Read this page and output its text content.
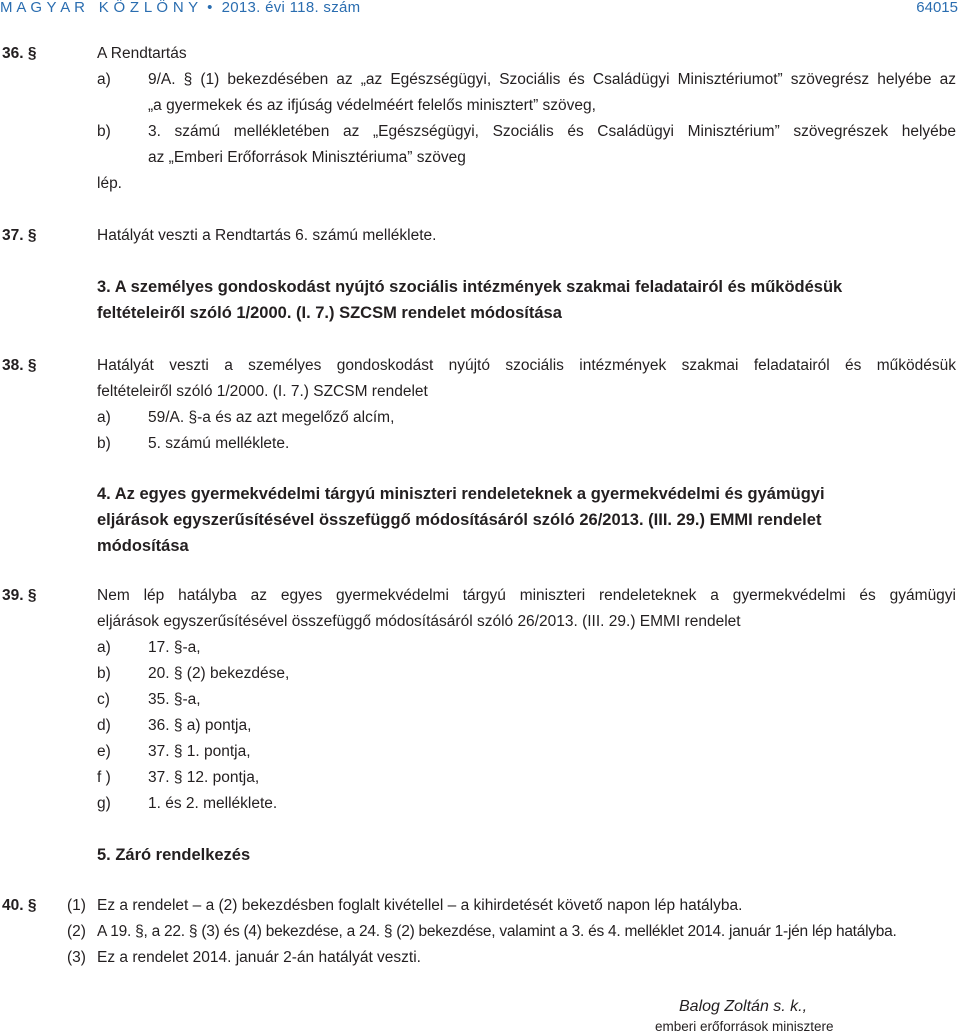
M A G Y A R   K Ö Z L Ö N Y  •  2013. évi 118. szám	64015
36. §	A Rendtartás
a) 9/A. § (1) bekezdésében az „az Egészségügyi, Szociális és Családügyi Minisztériumot” szövegrész helyébe az
„a gyermekek és az ifjúság védelméért felelős minisztert” szöveg,
b) 3. számú mellékletében az „Egészségügyi, Szociális és Családügyi Minisztérium” szövegrészek helyébe
az „Emberi Erőforrások Minisztériuma” szöveg
lép.
37. §	Hatályát veszti a Rendtartás 6. számú melléklete.
3. A személyes gondoskodást nyújtó szociális intézmények szakmai feladatairól és működésük
feltételeiről szóló 1/2000. (I. 7.) SZCSM rendelet módosítása
38. §	Hatályát veszti a személyes gondoskodást nyújtó szociális intézmények szakmai feladatairól és működésük
feltételeiről szóló 1/2000. (I. 7.) SZCSM rendelet
a) 59/A. §-a és az azt megelőző alcím,
b) 5. számú melléklete.
4. Az egyes gyermekvédelmi tárgyú miniszteri rendeleteknek a gyermekvédelmi és gyámügyi
eljárások egyszerűsítésével összefüggő módosításáról szóló 26/2013. (III. 29.) EMMI rendelet
módosítása
39. §	Nem lép hatályba az egyes gyermekvédelmi tárgyú miniszteri rendeleteknek a gyermekvédelmi és gyámügyi
eljárások egyszerűsítésével összefüggő módosításáról szóló 26/2013. (III. 29.) EMMI rendelet
a) 17. §-a,
b) 20. § (2) bekezdése,
c) 35. §-a,
d) 36. § a) pontja,
e) 37. § 1. pontja,
f ) 37. § 12. pontja,
g) 1. és 2. melléklete.
5. Záró rendelkezés
40. § (1) Ez a rendelet – a (2) bekezdésben foglalt kivétellel – a kihirdetését követő napon lép hatályba.
(2) A 19. §, a 22. § (3) és (4) bekezdése, a 24. § (2) bekezdése, valamint a 3. és 4. melléklet 2014. január 1-jén lép hatályba.
(3) Ez a rendelet 2014. január 2-án hatályát veszti.
Balog Zoltán s. k.,
emberi erőforrások minisztere
